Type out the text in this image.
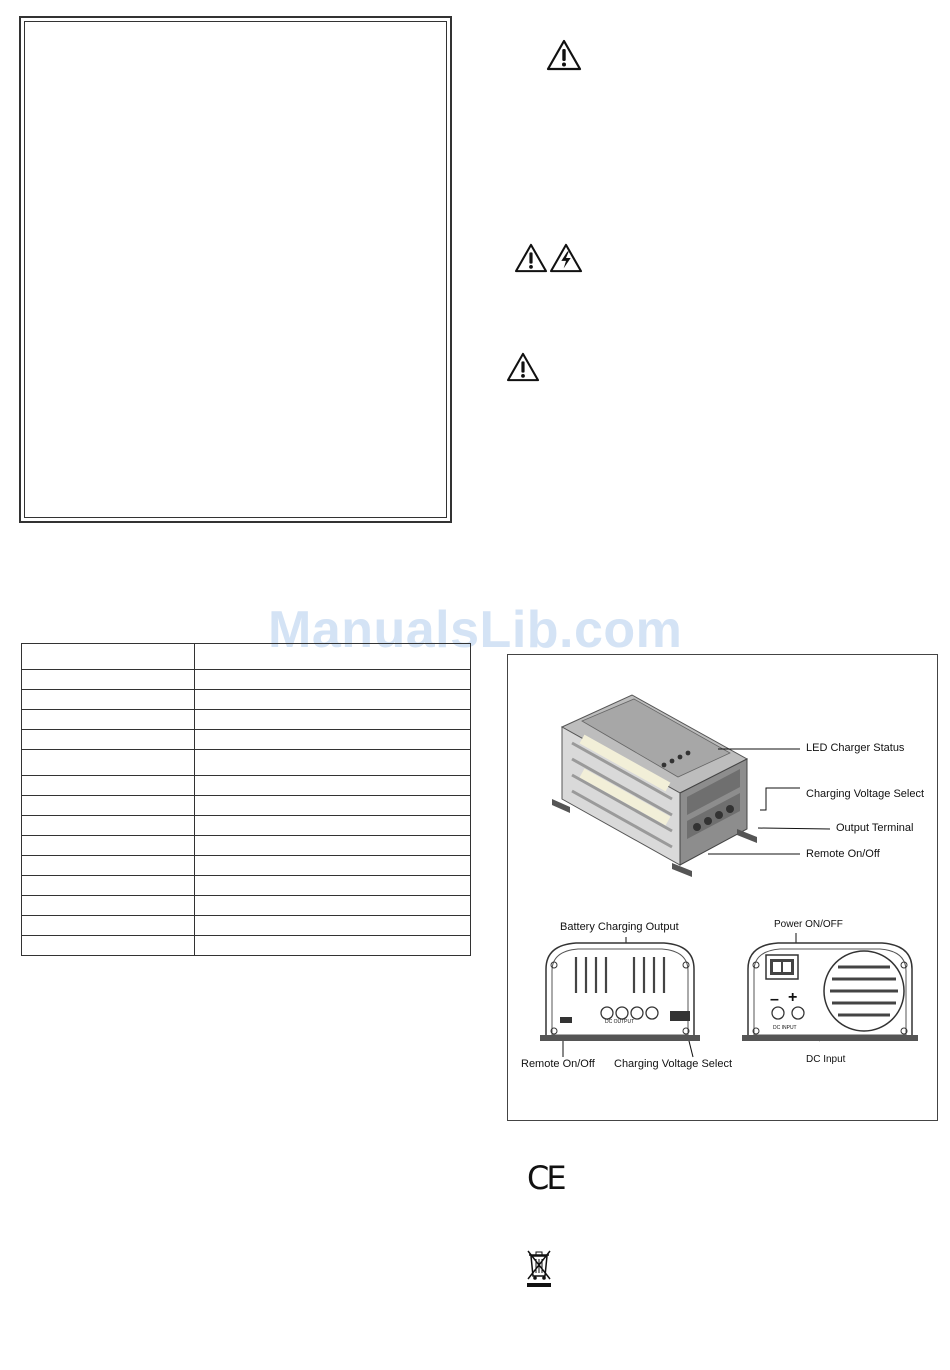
ManualsLib.com

DC OUTPUT
– +
DC INPUT
LED Charger Status
Charging Voltage Select
Output Terminal
Remote On/Off
Battery Charging Output	Power ON/OFF
Remote On/Off Charging Voltage Select	DC Input
CE
